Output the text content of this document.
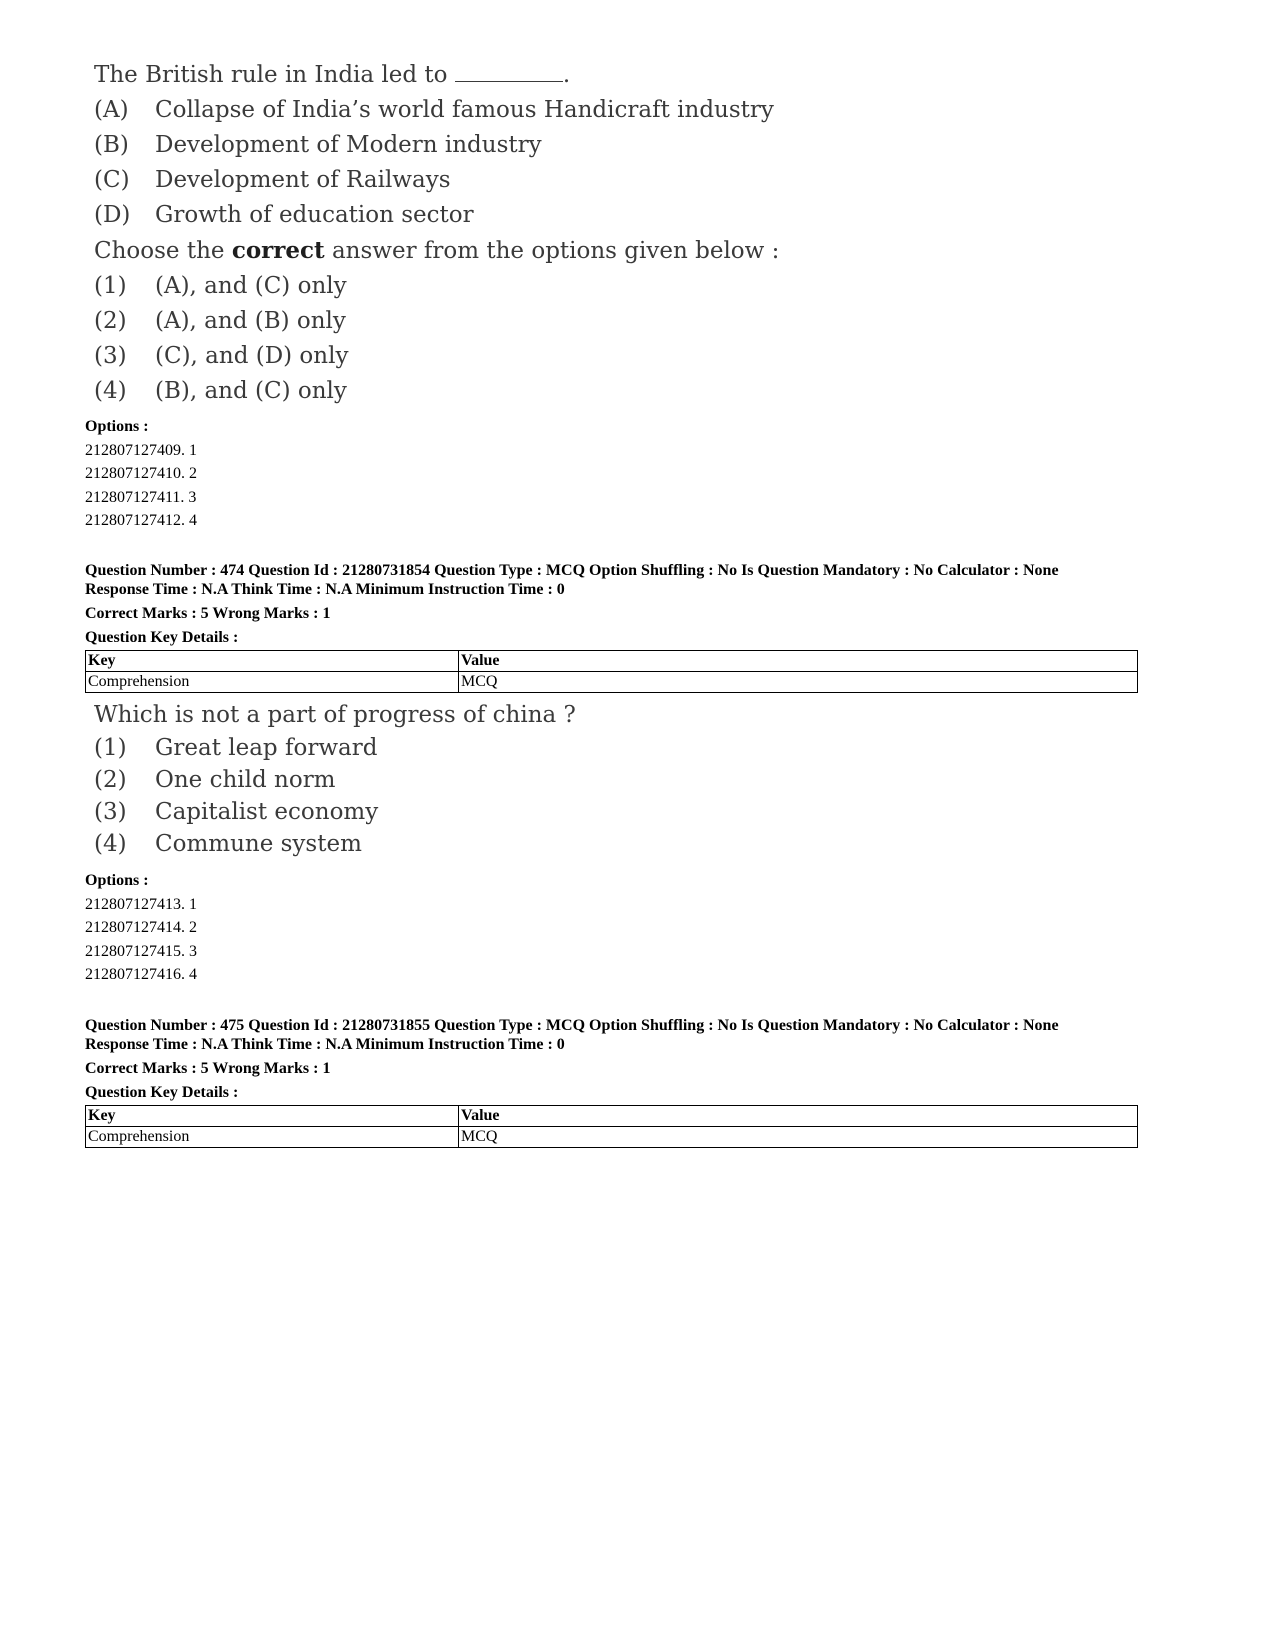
The British rule in India led to	.
(A)	Collapse of India’s world famous Handicraft industry
(B)	Development of Modern industry
(C)	Development of Railways
(D)	Growth of education sector
Choose the correct answer from the options given below :
(1)	(A), and (C) only
(2)	(A), and (B) only
(3)	(C), and (D) only
(4)	(B), and (C) only
Options :
212807127409. 1
212807127410. 2
212807127411. 3
212807127412. 4
Question Number : 474 Question Id : 21280731854 Question Type : MCQ Option Shuffling : No Is Question Mandatory : No Calculator : None
Response Time : N.A Think Time : N.A Minimum Instruction Time : 0
Correct Marks : 5 Wrong Marks : 1
Question Key Details :
Key	Value
Comprehension	MCQ
Which is not a part of progress of china ?
(1)	Great leap forward
(2)	One child norm
(3)	Capitalist economy
(4)	Commune system
Options :
212807127413. 1
212807127414. 2
212807127415. 3
212807127416. 4
Question Number : 475 Question Id : 21280731855 Question Type : MCQ Option Shuffling : No Is Question Mandatory : No Calculator : None
Response Time : N.A Think Time : N.A Minimum Instruction Time : 0
Correct Marks : 5 Wrong Marks : 1
Question Key Details :
Key	Value
Comprehension	MCQ
